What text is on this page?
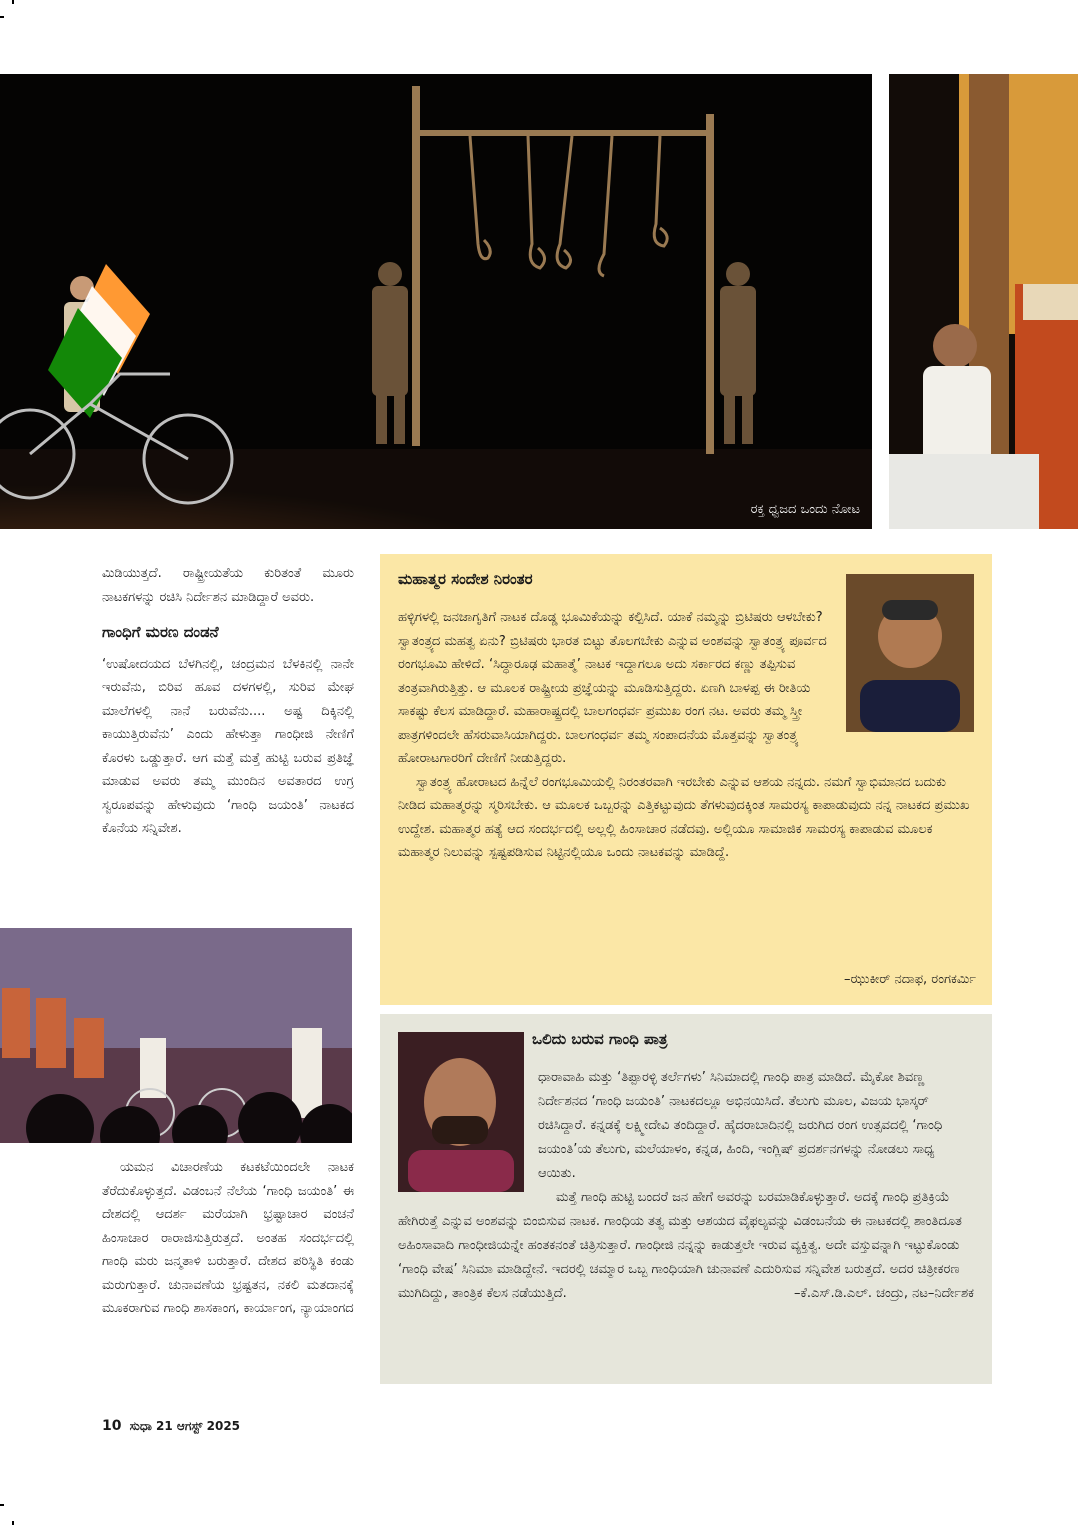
ರಕ್ತ ಧ್ವಜದ ಒಂದು ನೋಟ

ಮಿಡಿಯುತ್ತದೆ. ರಾಷ್ಟ್ರೀಯತೆಯ ಕುರಿತಂತೆ ಮೂರು ನಾಟಕಗಳನ್ನು ರಚಿಸಿ ನಿರ್ದೇಶನ ಮಾಡಿದ್ದಾರೆ ಅವರು.

ಗಾಂಧಿಗೆ ಮರಣ ದಂಡನೆ

‘ಉಷೋದಯದ ಬೆಳಗಿನಲ್ಲಿ, ಚಂದ್ರಮನ ಬೆಳಕಿನಲ್ಲಿ ನಾನೇ ಇರುವೆನು, ಬಿರಿವ ಹೂವ ದಳಗಳಲ್ಲಿ, ಸುರಿವ ಮೇಘ ಮಾಲೆಗಳಲ್ಲಿ ನಾನೆ ಬರುವೆನು.... ಅಷ್ಟ ದಿಕ್ಕಿನಲ್ಲಿ ಕಾಯುತ್ತಿರುವೆನು’ ಎಂದು ಹೇಳುತ್ತಾ ಗಾಂಧೀಜಿ ನೇಣಿಗೆ ಕೊರಳು ಒಡ್ಡುತ್ತಾರೆ. ಆಗ ಮತ್ತೆ ಮತ್ತೆ ಹುಟ್ಟಿ ಬರುವ ಪ್ರತಿಜ್ಞೆ ಮಾಡುವ ಅವರು ತಮ್ಮ ಮುಂದಿನ ಅವತಾರದ ಉಗ್ರ ಸ್ವರೂಪವನ್ನು ಹೇಳುವುದು ‘ಗಾಂಧಿ ಜಯಂತಿ’ ನಾಟಕದ ಕೊನೆಯ ಸನ್ನಿವೇಶ.

ಯಮನ ವಿಚಾರಣೆಯ ಕಟಕಟೆಯಿಂದಲೇ ನಾಟಕ ತೆರೆದುಕೊಳ್ಳುತ್ತದೆ. ವಿಡಂಬನೆ ನೆಲೆಯ ‘ಗಾಂಧಿ ಜಯಂತಿ’ ಈ ದೇಶದಲ್ಲಿ ಆದರ್ಶ ಮರೆಯಾಗಿ ಭ್ರಷ್ಟಾಚಾರ ವಂಚನೆ ಹಿಂಸಾಚಾರ ರಾರಾಜಿಸುತ್ತಿರುತ್ತದೆ. ಅಂತಹ ಸಂದರ್ಭದಲ್ಲಿ ಗಾಂಧಿ ಮರು ಜನ್ಮತಾಳಿ ಬರುತ್ತಾರೆ. ದೇಶದ ಪರಿಸ್ಥಿತಿ ಕಂಡು ಮರುಗುತ್ತಾರೆ. ಚುನಾವಣೆಯ ಭ್ರಷ್ಟತನ, ನಕಲಿ ಮತದಾನಕ್ಕೆ ಮೂಕರಾಗುವ ಗಾಂಧಿ ಶಾಸಕಾಂಗ, ಕಾರ್ಯಾಂಗ, ನ್ಯಾಯಾಂಗದ

ಮಹಾತ್ಮರ ಸಂದೇಶ ನಿರಂತರ

ಹಳ್ಳಿಗಳಲ್ಲಿ ಜನಜಾಗೃತಿಗೆ ನಾಟಕ ದೊಡ್ಡ ಭೂಮಿಕೆಯನ್ನು ಕಲ್ಪಿಸಿದೆ. ಯಾಕೆ ನಮ್ಮನ್ನು ಬ್ರಿಟಿಷರು ಆಳಬೇಕು? ಸ್ವಾತಂತ್ರ್ಯದ ಮಹತ್ವ ಏನು? ಬ್ರಿಟಿಷರು ಭಾರತ ಬಿಟ್ಟು ತೊಲಗಬೇಕು ಎನ್ನುವ ಅಂಶವನ್ನು ಸ್ವಾತಂತ್ರ್ಯ ಪೂರ್ವದ ರಂಗಭೂಮಿ ಹೇಳಿದೆ. ‘ಸಿದ್ಧಾರೂಢ ಮಹಾತ್ಮೆ’ ನಾಟಕ ಇದ್ದಾಗಲೂ ಅದು ಸರ್ಕಾರದ ಕಣ್ಣು ತಪ್ಪಿಸುವ ತಂತ್ರವಾಗಿರುತ್ತಿತ್ತು. ಆ ಮೂಲಕ ರಾಷ್ಟ್ರೀಯ ಪ್ರಜ್ಞೆಯನ್ನು ಮೂಡಿಸುತ್ತಿದ್ದರು. ಏಣಗಿ ಬಾಳಪ್ಪ ಈ ರೀತಿಯ ಸಾಕಷ್ಟು ಕೆಲಸ ಮಾಡಿದ್ದಾರೆ. ಮಹಾರಾಷ್ಟ್ರದಲ್ಲಿ ಬಾಲಗಂಧರ್ವ ಪ್ರಮುಖ ರಂಗ ನಟ. ಅವರು ತಮ್ಮ ಸ್ತ್ರೀ ಪಾತ್ರಗಳಿಂದಲೇ ಹೆಸರುವಾಸಿಯಾಗಿದ್ದರು. ಬಾಲಗಂಧರ್ವ ತಮ್ಮ ಸಂಪಾದನೆಯ ಮೊತ್ತವನ್ನು ಸ್ವಾತಂತ್ರ್ಯ ಹೋರಾಟಗಾರರಿಗೆ ದೇಣಿಗೆ ನೀಡುತ್ತಿದ್ದರು.

ಸ್ವಾತಂತ್ರ್ಯ ಹೋರಾಟದ ಹಿನ್ನೆಲೆ ರಂಗಭೂಮಿಯಲ್ಲಿ ನಿರಂತರವಾಗಿ ಇರಬೇಕು ಎನ್ನುವ ಆಶಯ ನನ್ನದು. ನಮಗೆ ಸ್ವಾಭಿಮಾನದ ಬದುಕು ನೀಡಿದ ಮಹಾತ್ಮರನ್ನು ಸ್ಮರಿಸಬೇಕು. ಆ ಮೂಲಕ ಒಬ್ಬರನ್ನು ಎತ್ತಿಕಟ್ಟುವುದು ತೆಗಳುವುದಕ್ಕಿಂತ ಸಾಮರಸ್ಯ ಕಾಪಾಡುವುದು ನನ್ನ ನಾಟಕದ ಪ್ರಮುಖ ಉದ್ದೇಶ. ಮಹಾತ್ಮರ ಹತ್ಯೆ ಆದ ಸಂದರ್ಭದಲ್ಲಿ ಅಲ್ಲಲ್ಲಿ ಹಿಂಸಾಚಾರ ನಡೆದವು. ಅಲ್ಲಿಯೂ ಸಾಮಾಜಿಕ ಸಾಮರಸ್ಯ ಕಾಪಾಡುವ ಮೂಲಕ ಮಹಾತ್ಮರ ನಿಲುವನ್ನು ಸ್ಪಷ್ಟಪಡಿಸುವ ನಿಟ್ಟಿನಲ್ಲಿಯೂ ಒಂದು ನಾಟಕವನ್ನು ಮಾಡಿದ್ದೆ.

–ಝುಕೀರ್ ನದಾಫ, ರಂಗಕರ್ಮಿ
ಒಲಿದು ಬರುವ ಗಾಂಧಿ ಪಾತ್ರ

ಧಾರಾವಾಹಿ ಮತ್ತು ‘ತಿಪ್ಪಾರಳ್ಳಿ ತರ್ಲೆಗಳು’ ಸಿನಿಮಾದಲ್ಲಿ ಗಾಂಧಿ ಪಾತ್ರ ಮಾಡಿದೆ. ಮೈಕೋ ಶಿವಣ್ಣ ನಿರ್ದೇಶನದ ‘ಗಾಂಧಿ ಜಯಂತಿ’ ನಾಟಕದಲ್ಲೂ ಅಭಿನಯಿಸಿದೆ. ತೆಲುಗು ಮೂಲ, ವಿಜಯ ಭಾಸ್ಕರ್ ರಚಿಸಿದ್ದಾರೆ. ಕನ್ನಡಕ್ಕೆ ಲಕ್ಷ್ಮೀದೇವಿ ತಂದಿದ್ದಾರೆ. ಹೈದರಾಬಾದಿನಲ್ಲಿ ಜರುಗಿದ ರಂಗ ಉತ್ಸವದಲ್ಲಿ ‘ಗಾಂಧಿ ಜಯಂತಿ’ಯ ತೆಲುಗು, ಮಲೆಯಾಳಂ, ಕನ್ನಡ, ಹಿಂದಿ, ಇಂಗ್ಲಿಷ್ ಪ್ರದರ್ಶನಗಳನ್ನು ನೋಡಲು ಸಾಧ್ಯ ಆಯಿತು.

ಮತ್ತೆ ಗಾಂಧಿ ಹುಟ್ಟಿ ಬಂದರೆ ಜನ ಹೇಗೆ ಅವರನ್ನು ಬರಮಾಡಿಕೊಳ್ಳುತ್ತಾರೆ. ಅದಕ್ಕೆ ಗಾಂಧಿ ಪ್ರತಿಕ್ರಿಯೆ ಹೇಗಿರುತ್ತೆ ಎನ್ನುವ ಅಂಶವನ್ನು ಬಿಂಬಿಸುವ ನಾಟಕ. ಗಾಂಧಿಯ ತತ್ವ ಮತ್ತು ಆಶಯದ ವೈಫಲ್ಯವನ್ನು ವಿಡಂಬನೆಯ ಈ ನಾಟಕದಲ್ಲಿ ಶಾಂತಿದೂತ ಅಹಿಂಸಾವಾದಿ ಗಾಂಧೀಜಿಯನ್ನೇ ಹಂತಕನಂತೆ ಚಿತ್ರಿಸುತ್ತಾರೆ. ಗಾಂಧೀಜಿ ನನ್ನನ್ನು ಕಾಡುತ್ತಲೇ ಇರುವ ವ್ಯಕ್ತಿತ್ವ. ಅದೇ ವಸ್ತುವನ್ನಾಗಿ ಇಟ್ಟುಕೊಂಡು ‘ಗಾಂಧಿ ವೇಷ’ ಸಿನಿಮಾ ಮಾಡಿದ್ದೇನೆ. ಇದರಲ್ಲಿ ಚಮ್ಮಾರ ಒಬ್ಬ ಗಾಂಧಿಯಾಗಿ ಚುನಾವಣೆ ಎದುರಿಸುವ ಸನ್ನಿವೇಶ ಬರುತ್ತದೆ. ಅದರ ಚಿತ್ರೀಕರಣ ಮುಗಿದಿದ್ದು, ತಾಂತ್ರಿಕ ಕೆಲಸ ನಡೆಯುತ್ತಿದೆ.	–ಕೆ.ಎಸ್.ಡಿ.ಎಲ್. ಚಂದ್ರು, ನಟ–ನಿರ್ದೇಶಕ

10 ಸುಧಾ 21 ಆಗಸ್ಟ್ 2025
